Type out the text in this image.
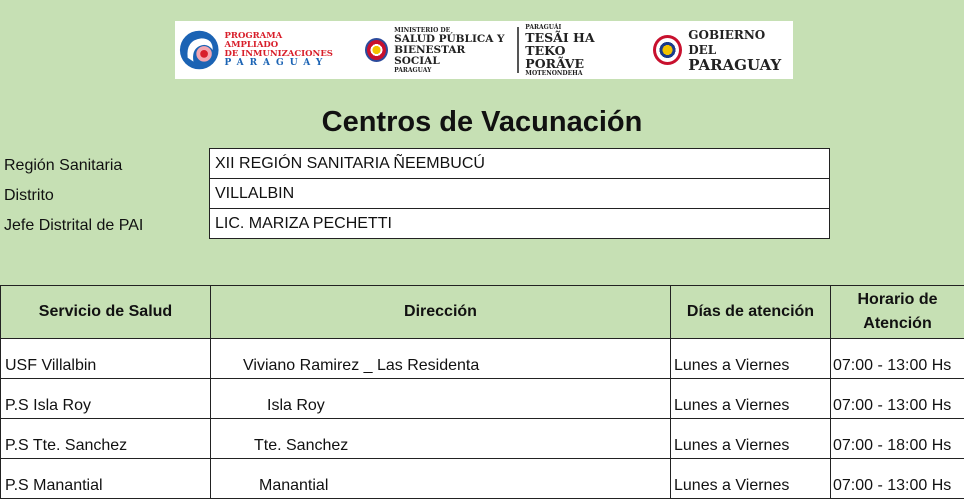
PROGRAMA AMPLIADO
DE INMUNIZACIONES
PARAGUAY
MINISTERIO DE
SALUD PÚBLICA Y
BIENESTAR SOCIAL
PARAGUAY
PARAGUÁI
TESÃI HA TEKO
PORÃVE
MOTENONDEHA
GOBIERNO DEL
PARAGUAY
Centros de Vacunación
Región Sanitaria	XII REGIÓN SANITARIA ÑEEMBUCÚ
Distrito	VILLALBIN
Jefe Distrital de PAI	LIC. MARIZA PECHETTI
Servicio de Salud	Dirección	Días de atención	Horario de Atención
USF Villalbin	Viviano Ramirez _ Las Residenta	Lunes a Viernes	07:00 - 13:00 Hs
P.S Isla Roy	Isla Roy	Lunes a Viernes	07:00 - 13:00 Hs
P.S Tte. Sanchez	Tte. Sanchez	Lunes a Viernes	07:00 - 18:00 Hs
P.S Manantial	Manantial	Lunes a Viernes	07:00 - 13:00 Hs
